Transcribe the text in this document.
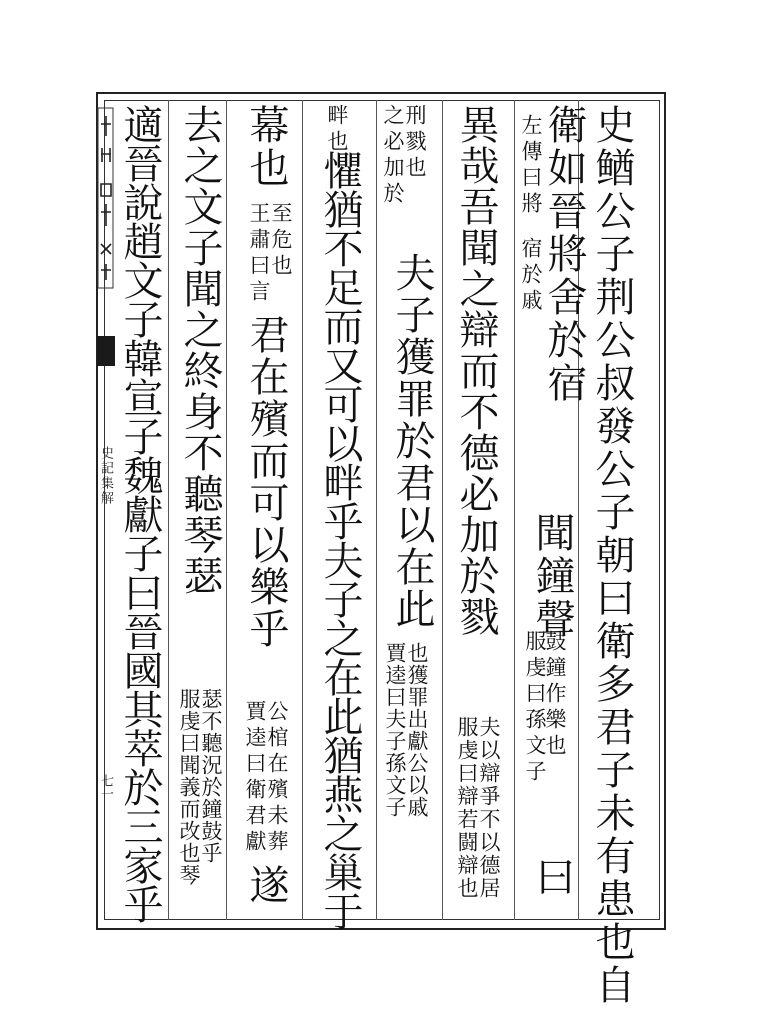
史記集解
七一	史䲡公子荆公叔發公子朝曰衛多君子未有患也自
衛如晉將舍於宿
左傳曰將 宿於戚
聞鐘聲
服虔曰孫文子
鼓鐘作樂也
曰
異哉吾聞之辯而不德必加於戮
服虔曰辯若闘辯也
夫以辯爭不以德居
之必加於
刑戮也
夫子獲罪於君以在此
賈逵曰夫子孫文子
也獲罪出獻公以戚
畔也
懼猶不足而又可以畔乎夫子之在此猶燕之巢于
幕也
王肅曰言
至危也
君在殯而可以樂乎
賈逵曰衛君獻
公棺在殯未葬
遂
去之文子聞之終身不聽琴瑟
服虔曰聞義而改也琴
瑟不聽況於鐘鼓乎
適晉說趙文子韓宣子魏獻子曰晉國其萃於三家乎
